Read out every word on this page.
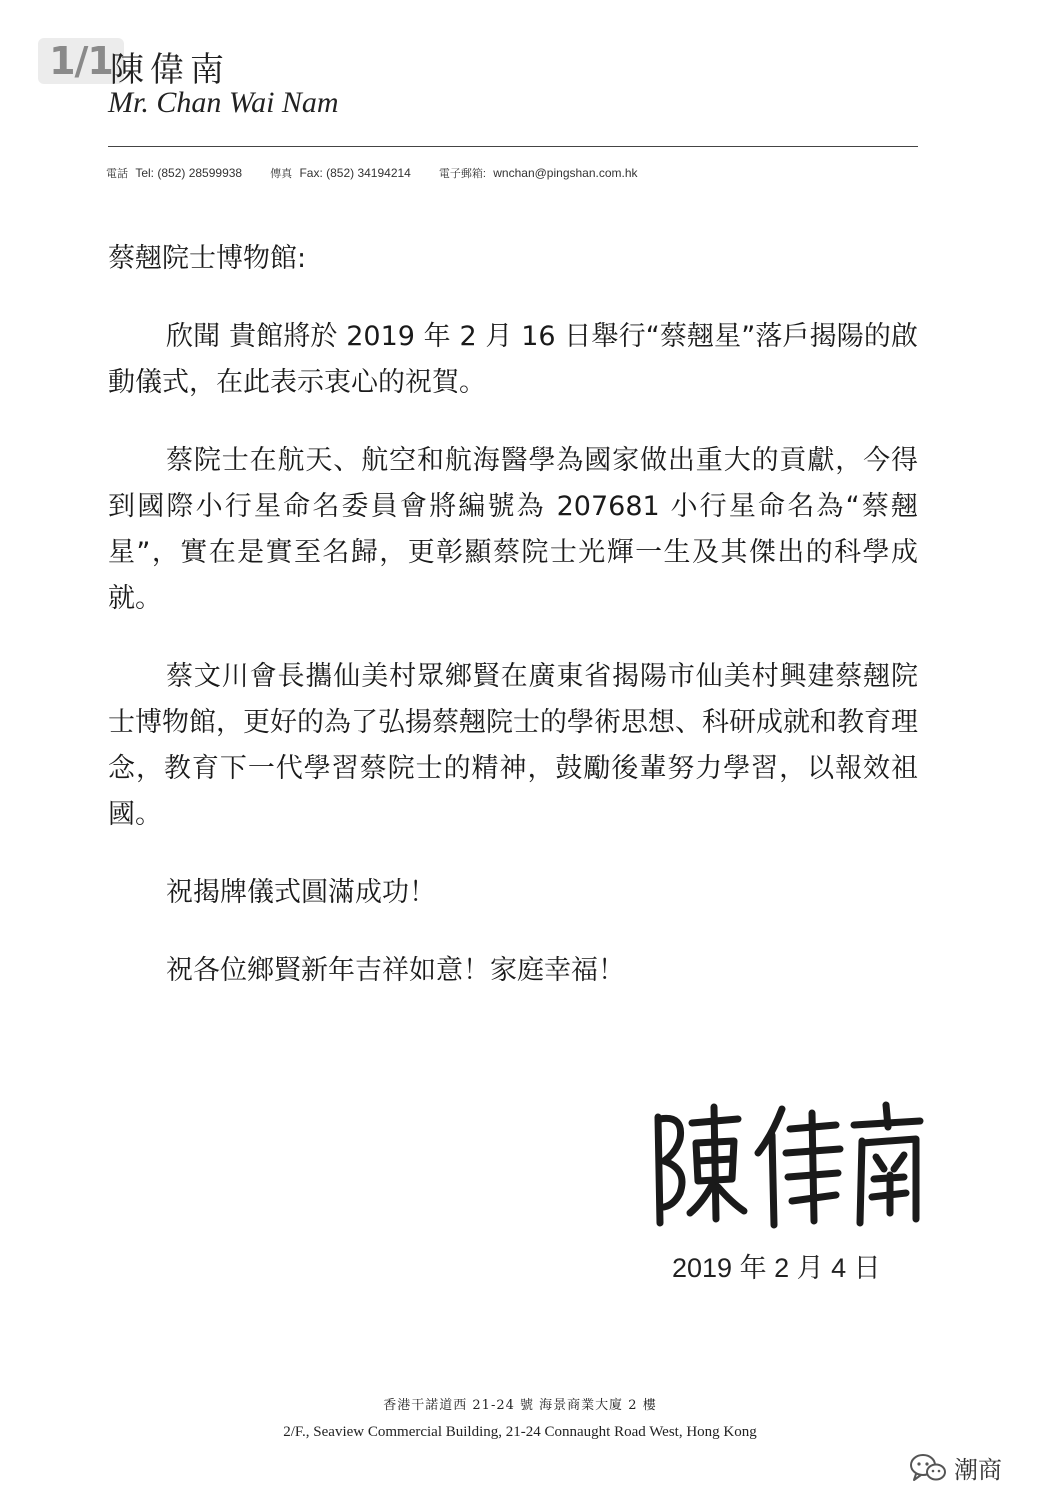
1/1
陳偉南
Mr. Chan Wai Nam
電話 Tel: (852) 28599938	傳真 Fax: (852) 34194214	電子郵箱: wnchan@pingshan.com.hk

蔡翹院士博物館:

欣聞 貴館將於 2019 年 2 月 16 日舉行“蔡翹星”落戶揭陽的啟動儀式，在此表示衷心的祝賀。

蔡院士在航天、航空和航海醫學為國家做出重大的貢獻，今得到國際小行星命名委員會將編號為 207681 小行星命名為“蔡翹星”，實在是實至名歸，更彰顯蔡院士光輝一生及其傑出的科學成就。

蔡文川會長攜仙美村眾鄉賢在廣東省揭陽市仙美村興建蔡翹院士博物館，更好的為了弘揚蔡翹院士的學術思想、科研成就和教育理念，教育下一代學習蔡院士的精神，鼓勵後輩努力學習，以報效祖國。

祝揭牌儀式圓滿成功！

祝各位鄉賢新年吉祥如意！家庭幸福！

2019 年 2 月 4 日
香港干諾道西 21-24 號 海景商業大廈 2 樓
2/F., Seaview Commercial Building, 21-24 Connaught Road West, Hong Kong
潮商
